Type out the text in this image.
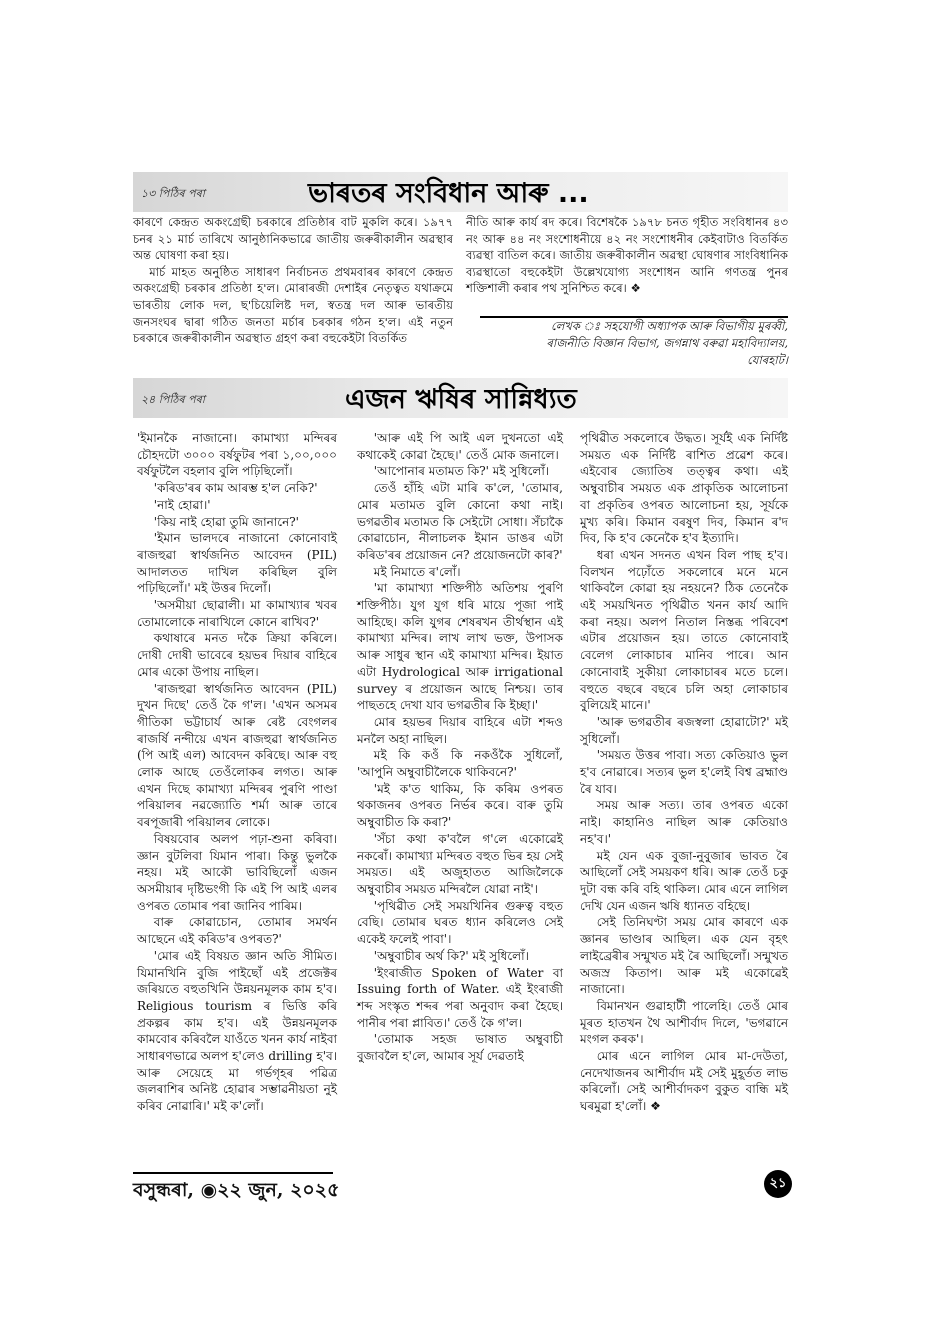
১৩ পিঠিৰ পৰা	ভাৰতৰ সংবিধান আৰু ...

কাৰণে কেন্দ্ৰত অকংগ্ৰেছী চৰকাৰে প্ৰতিষ্ঠাৰ বাট মুকলি কৰে। ১৯৭৭ চনৰ ২১ মাৰ্চ তাৰিখে আনুষ্ঠানিকভাৱে জাতীয় জৰুৰীকালীন অৱস্থাৰ অন্ত ঘোষণা কৰা হয়।

মাৰ্চ মাহত অনুষ্ঠিত সাধাৰণ নিৰ্বাচনত প্ৰথমবাৰৰ কাৰণে কেন্দ্ৰত অকংগ্ৰেছী চৰকাৰ প্ৰতিষ্ঠা হ'ল। মোৰাৰজী দেশাইৰ নেতৃত্বত যথাক্ৰমে ভাৰতীয় লোক দল, ছ'চিয়েলিষ্ট দল, স্বতন্ত্ৰ দল আৰু ভাৰতীয় জনসংঘৰ দ্বাৰা গঠিত জনতা মৰ্চাৰ চৰকাৰ গঠন হ'ল। এই নতুন চৰকাৰে জৰুৰীকালীন অৱস্থাত গ্ৰহণ কৰা বহুকেইটা বিতৰ্কিত

নীতি আৰু কাৰ্য ৰদ কৰে। বিশেষকৈ ১৯৭৮ চনত গৃহীত সংবিধানৰ ৪৩ নং আৰু ৪৪ নং সংশোধনীয়ে ৪২ নং সংশোধনীৰ কেইবাটাও বিতৰ্কিত ব্যৱস্থা বাতিল কৰে। জাতীয় জৰুৰীকালীন অৱস্থা ঘোষণাৰ সাংবিধানিক ব্যৱস্থাতো বহুকেইটা উল্লেখযোগ্য সংশোধন আনি গণতন্ত্ৰ পুনৰ শক্তিশালী কৰাৰ পথ সুনিশ্চিত কৰে। ❖

লেখক ঃ সহযোগী অধ্যাপক আৰু বিভাগীয় মুৰব্বী,
ৰাজনীতি বিজ্ঞান বিভাগ, জগন্নাথ বৰুৱা মহাবিদ্যালয়,
যোৰহাট।
২৪ পিঠিৰ পৰা	এজন ঋষিৰ সান্নিধ্যত

'ইমানকৈ নাজানো। কামাখ্যা মন্দিৰৰ চৌহদটো ৩০০০ বৰ্ষফুটৰ পৰা ১,০০,০০০ বৰ্ষফুটলৈ বহলাব বুলি পঢ়িছিলোঁ।

'কৰিড'ৰৰ কাম আৰম্ভ হ'ল নেকি?'

'নাই হোৱা।'

'কিয় নাই হোৱা তুমি জানানে?'

'ইমান ভালদৰে নাজানো কোনোবাই ৰাজহুৱা স্বাৰ্থজনিত আবেদন (PIL) আদালতত দাখিল কৰিছিল বুলি পঢ়িছিলোঁ।' মই উত্তৰ দিলোঁ।

'অসমীয়া ছোৱালী। মা কামাখ্যাৰ খবৰ তোমালোকে নাৰাখিলে কোনে ৰাখিব?'

কথাষাৰে মনত দকৈ ক্ৰিয়া কৰিলে। দোষী দোষী ভাবেৰে হয়ভৰ দিয়াৰ বাহিৰে মোৰ একো উপায় নাছিল।

'ৰাজহুৱা স্বাৰ্থজনিত আবেদন (PIL) দুখন দিছে' তেওঁ কৈ গ'ল। 'এখন অসমৰ গীতিকা ভট্টাচাৰ্য আৰু ৰেষ্ট বেংগলৰ ৰাজৰ্ষি নন্দীয়ে এখন ৰাজহুৱা স্বাৰ্থজনিত (পি আই এল) আবেদন কৰিছে। আৰু বহু লোক আছে তেওঁলোকৰ লগত। আৰু এখন দিছে কামাখ্যা মন্দিৰৰ পুৰণি পাণ্ডা পৰিয়ালৰ নৱজ্যোতি শৰ্মা আৰু তাৰে বৰপূজাৰী পৰিয়ালৰ লোকে।

বিষয়বোৰ অলপ পঢ়া-শুনা কৰিবা। জ্ঞান বুটলিবা যিমান পাৰা। কিন্তু ভুলকৈ নহয়। মই আকৌ ভাবিছিলোঁ এজন অসমীয়াৰ দৃষ্টিভংগী কি এই পি আই এলৰ ওপৰত তোমাৰ পৰা জানিব পাৰিম।

বাৰু কোৱাচোন, তোমাৰ সমৰ্থন আছেনে এই কৰিড'ৰ ওপৰত?'

'মোৰ এই বিষয়ত জ্ঞান অতি সীমিত। যিমানখিনি বুজি পাইছোঁ এই প্ৰজেক্টৰ জৰিয়তে বহুতখিনি উন্নয়নমূলক কাম হ'ব। Religious tourism ৰ ভিত্তি কৰি প্ৰকল্পৰ কাম হ'ব। এই উন্নয়নমূলক কামবোৰ কৰিবলৈ যাওঁতে খনন কাৰ্য নাইবা সাধাৰণভাৱে অলপ হ'লেও drilling হ'ব। আৰু সেয়েহে মা গৰ্ভগৃহৰ পৱিত্ৰ জলৰাশিৰ অনিষ্ট হোৱাৰ সম্ভাৱনীয়তা নুই কৰিব নোৱাৰি।' মই ক'লোঁ।

'আৰু এই পি আই এল দুখনতো এই কথাকেই কোৱা হৈছে।' তেওঁ মোক জনালে।

'আপোনাৰ মতামত কি?' মই সুধিলোঁ।

তেওঁ হাঁহি এটা মাৰি ক'লে, 'তোমাৰ, মোৰ মতামত বুলি কোনো কথা নাই। ভগৱতীৰ মতামত কি সেইটো সোধা। সঁচাকৈ কোৱাচোন, নীলাচলক ইমান ডাঙৰ এটা কৰিড'ৰৰ প্ৰয়োজন নে? প্ৰয়োজনটো কাৰ?'

মই নিমাতে ৰ'লোঁ।

'মা কামাখ্যা শক্তিপীঠ অতিশয় পুৰণি শক্তিপীঠ। যুগ যুগ ধৰি মায়ে পূজা পাই আহিছে। কলি যুগৰ শেষৰখন তীৰ্থস্থান এই কামাখ্যা মন্দিৰ। লাখ লাখ ভক্ত, উপাসক আৰু সাধুৰ স্থান এই কামাখ্যা মন্দিৰ। ইয়াত এটা Hydrological আৰু irrigational survey ৰ প্ৰয়োজন আছে নিশ্চয়। তাৰ পাছতহে দেখা যাব ভগৱতীৰ কি ইচ্ছা।'

মোৰ হয়ভৰ দিয়াৰ বাহিৰে এটা শব্দও মনলৈ অহা নাছিল।

মই কি কওঁ কি নকওঁকৈ সুধিলোঁ, 'আপুনি অম্বুবাচীলৈকে থাকিবনে?'

'মই ক'ত থাকিম, কি কৰিম ওপৰত থকাজনৰ ওপৰত নিৰ্ভৰ কৰে। বাৰু তুমি অম্বুবাচীত কি কৰা?'

'সঁচা কথা ক'বলৈ গ'লে একোৱেই নকৰোঁ। কামাখ্যা মন্দিৰত বহুত ভিৰ হয় সেই সময়ত। এই অজুহাতত আজিলৈকে অম্বুবাচীৰ সময়ত মন্দিৰলৈ যোৱা নাই'।

'পৃথিৱীত সেই সময়খিনিৰ গুৰুত্ব বহুত বেছি। তোমাৰ ঘৰত ধ্যান কৰিলেও সেই একেই ফলেই পাবা'।

'অম্বুবাচীৰ অৰ্থ কি?' মই সুধিলোঁ।

'ইংৰাজীত Spoken of Water বা Issuing forth of Water. এই ইংৰাজী শব্দ সংস্কৃত শব্দৰ পৰা অনুবাদ কৰা হৈছে। পানীৰ পৰা প্লাবিত।' তেওঁ কৈ গ'ল।

'তোমাক সহজ ভাষাত অম্বুবাচী বুজাবলৈ হ'লে, আমাৰ সূৰ্য দেৱতাই

পৃথিৱীত সকলোৰে উদ্ধত। সূৰ্যই এক নিৰ্দিষ্ট সময়ত এক নিৰ্দিষ্ট ৰাশিত প্ৰৱেশ কৰে। এইবোৰ জ্যোতিষ তত্ত্বৰ কথা। এই অম্বুবাচীৰ সময়ত এক প্ৰাকৃতিক আলোচনা বা প্ৰকৃতিৰ ওপৰত আলোচনা হয়, সূৰ্যকে মুখ্য কৰি। কিমান বৰষুণ দিব, কিমান ৰ'দ দিব, কি হ'ব কেনেকৈ হ'ব ইত্যাদি।

ধৰা এখন সদনত এখন বিল পাছ হ'ব। বিলখন পঢ়োঁতে সকলোৰে মনে মনে থাকিবলৈ কোৱা হয় নহয়নে? ঠিক তেনেকৈ এই সময়খিনত পৃথিৱীত খনন কাৰ্য আদি কৰা নহয়। অলপ নিতাল নিস্তব্ধ পৰিবেশ এটাৰ প্ৰয়োজন হয়। তাতে কোনোবাই বেলেগ লোকাচাৰ মানিব পাৰে। আন কোনোবাই সুকীয়া লোকাচাৰৰ মতে চলে। বহুতে বছৰে বছৰে চলি অহা লোকাচাৰ বুলিয়েই মানে।'

'আৰু ভগৱতীৰ ৰজস্বলা হোৱাটো?' মই সুধিলোঁ।

'সময়ত উত্তৰ পাবা। সত্য কেতিয়াও ভুল হ'ব নোৱাৰে। সত্যৰ ভুল হ'লেই বিশ্ব ব্ৰহ্মাণ্ড ৰৈ যাব।

সময় আৰু সত্য। তাৰ ওপৰত একো নাই। কাহানিও নাছিল আৰু কেতিয়াও নহ'ব।'

মই যেন এক বুজা-নুবুজাৰ ভাবত ৰৈ আছিলোঁ সেই সময়কণ ধৰি। আৰু তেওঁ চকু দুটা বন্ধ কৰি বহি থাকিল। মোৰ এনে লাগিল দেখি যেন এজন ঋষি ধ্যানত বহিছে।

সেই তিনিঘণ্টা সময় মোৰ কাৰণে এক জ্ঞানৰ ভাণ্ডাৰ আছিল। এক যেন বৃহৎ লাইব্ৰেৰীৰ সন্মুখত মই ৰৈ আছিলোঁ। সন্মুখত অজস্ৰ কিতাপ। আৰু মই একোৱেই নাজানো।

বিমানখন গুৱাহাটী পালেহি। তেওঁ মোৰ মূৰত হাতখন থৈ আশীৰ্বাদ দিলে, 'ভগৱানে মংগল কৰক'।

মোৰ এনে লাগিল মোৰ মা-দেউতা, নেদেখাজনৰ আশীৰ্বাদ মই সেই মুহূৰ্তত লাভ কৰিলোঁ। সেই আশীৰ্বাদকণ বুকুত বান্ধি মই ঘৰমুৱা হ'লোঁ। ❖

বসুন্ধৰা, ◉২২ জুন, ২০২৫	২১
